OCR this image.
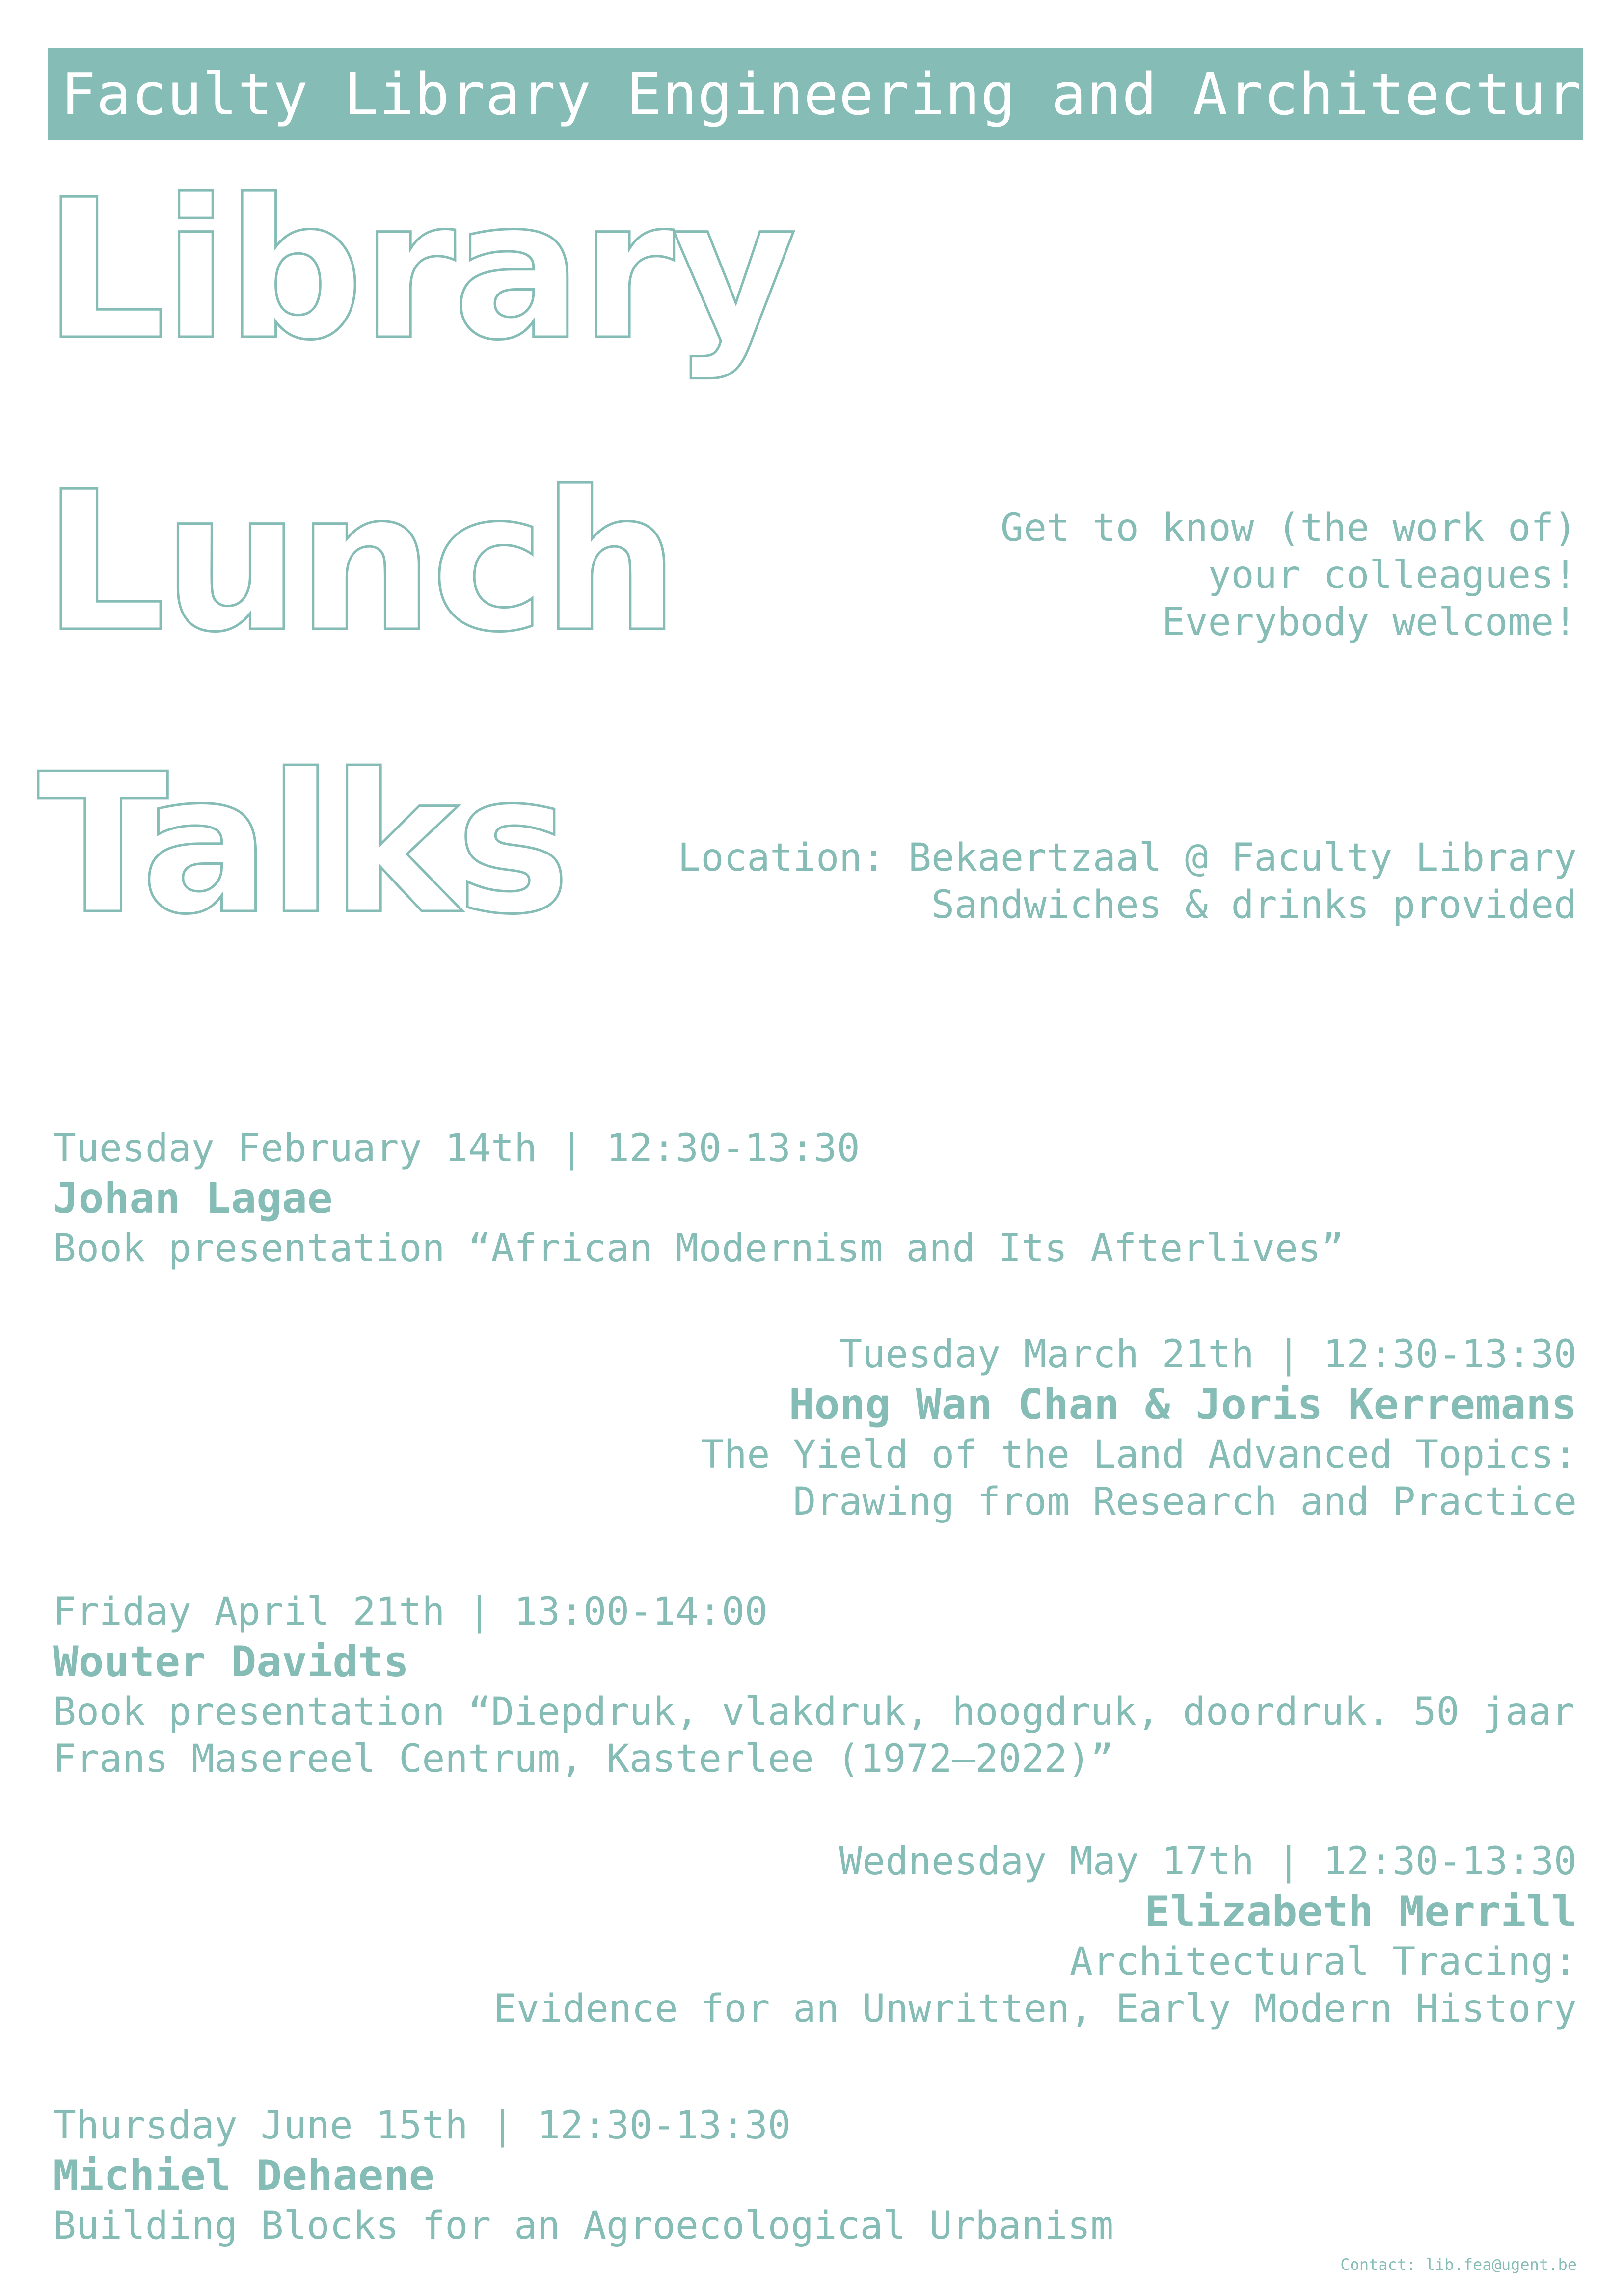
Faculty Library Engineering and Architecture
Library
Lunch
Talks
Get to know (the work of)
your colleagues!
Everybody welcome!
Location: Bekaertzaal @ Faculty Library
Sandwiches & drinks provided
Tuesday February 14th | 12:30-13:30
Johan Lagae
Book presentation “African Modernism and Its Afterlives”
Tuesday March 21th | 12:30-13:30
Hong Wan Chan & Joris Kerremans
The Yield of the Land Advanced Topics:
Drawing from Research and Practice
Friday April 21th | 13:00-14:00
Wouter Davidts
Book presentation “Diepdruk, vlakdruk, hoogdruk, doordruk. 50 jaar
Frans Masereel Centrum, Kasterlee (1972—2022)”
Wednesday May 17th | 12:30-13:30
Elizabeth Merrill
Architectural Tracing:
Evidence for an Unwritten, Early Modern History
Thursday June 15th | 12:30-13:30
Michiel Dehaene
Building Blocks for an Agroecological Urbanism
Contact: lib.fea@ugent.be
